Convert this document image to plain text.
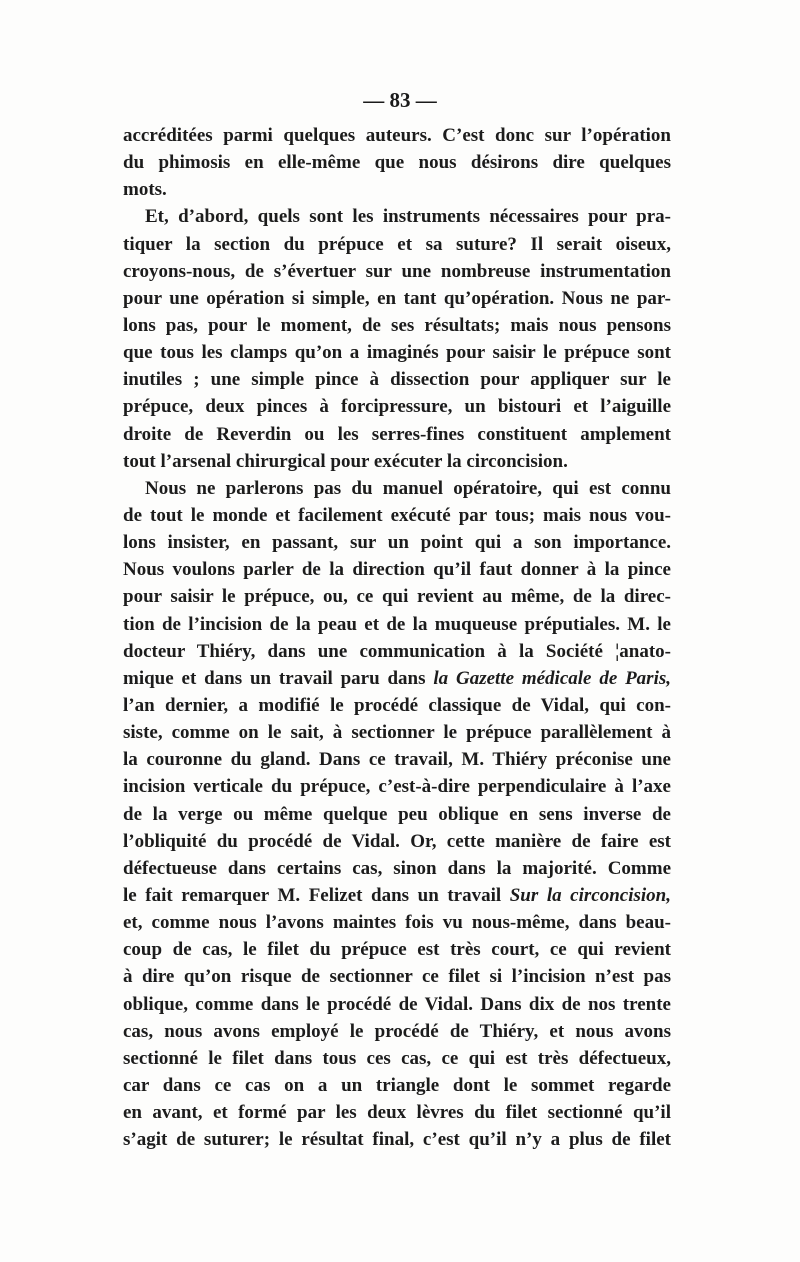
— 83 —
accréditées parmi quelques auteurs. C’est donc sur l’opération
du phimosis en elle-même que nous désirons dire quelques
mots.
Et, d’abord, quels sont les instruments nécessaires pour pra-
tiquer la section du prépuce et sa suture? Il serait oiseux,
croyons-nous, de s’évertuer sur une nombreuse instrumentation
pour une opération si simple, en tant qu’opération. Nous ne par-
lons pas, pour le moment, de ses résultats; mais nous pensons
que tous les clamps qu’on a imaginés pour saisir le prépuce sont
inutiles ; une simple pince à dissection pour appliquer sur le
prépuce, deux pinces à forcipressure, un bistouri et l’aiguille
droite de Reverdin ou les serres-fines constituent amplement
tout l’arsenal chirurgical pour exécuter la circoncision.
Nous ne parlerons pas du manuel opératoire, qui est connu
de tout le monde et facilement exécuté par tous; mais nous vou-
lons insister, en passant, sur un point qui a son importance.
Nous voulons parler de la direction qu’il faut donner à la pince
pour saisir le prépuce, ou, ce qui revient au même, de la direc-
tion de l’incision de la peau et de la muqueuse préputiales. M. le
docteur Thiéry, dans une communication à la Société ¦anato-
mique et dans un travail paru dans la Gazette médicale de Paris,
l’an dernier, a modifié le procédé classique de Vidal, qui con-
siste, comme on le sait, à sectionner le prépuce parallèlement à
la couronne du gland. Dans ce travail, M. Thiéry préconise une
incision verticale du prépuce, c’est-à-dire perpendiculaire à l’axe
de la verge ou même quelque peu oblique en sens inverse de
l’obliquité du procédé de Vidal. Or, cette manière de faire est
défectueuse dans certains cas, sinon dans la majorité. Comme
le fait remarquer M. Felizet dans un travail Sur la circoncision,
et, comme nous l’avons maintes fois vu nous-même, dans beau-
coup de cas, le filet du prépuce est très court, ce qui revient
à dire qu’on risque de sectionner ce filet si l’incision n’est pas
oblique, comme dans le procédé de Vidal. Dans dix de nos trente
cas, nous avons employé le procédé de Thiéry, et nous avons
sectionné le filet dans tous ces cas, ce qui est très défectueux,
car dans ce cas on a un triangle dont le sommet regarde
en avant, et formé par les deux lèvres du filet sectionné qu’il
s’agit de suturer; le résultat final, c’est qu’il n’y a plus de filet
